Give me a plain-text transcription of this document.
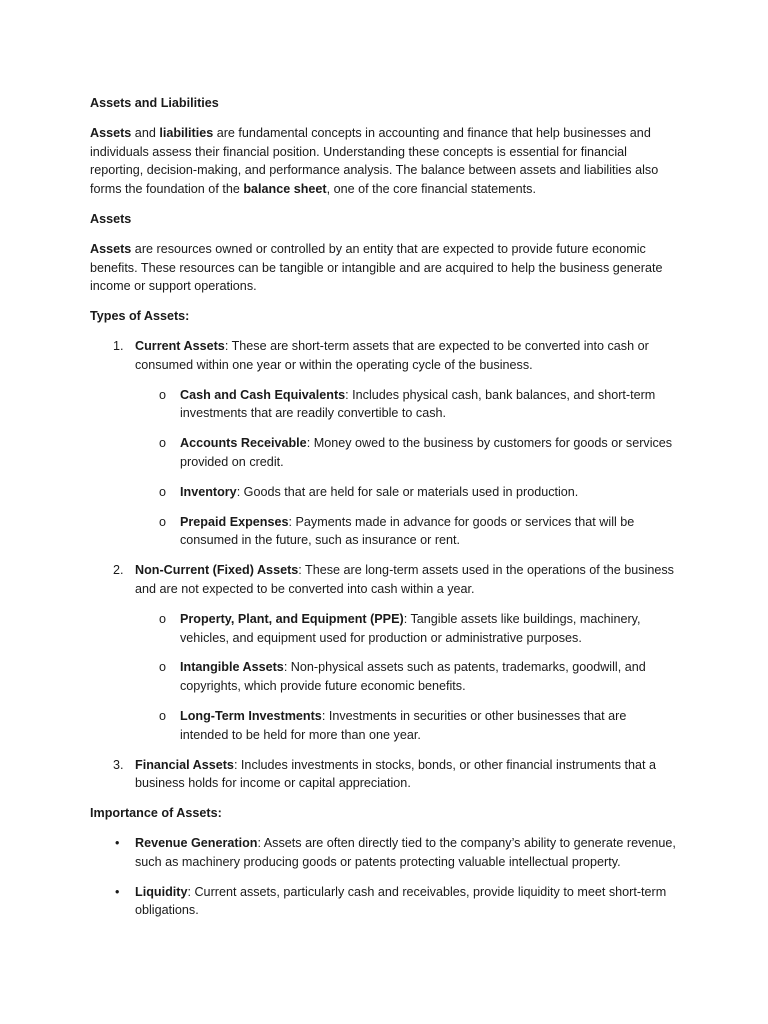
Assets and Liabilities

Assets and liabilities are fundamental concepts in accounting and finance that help businesses and individuals assess their financial position. Understanding these concepts is essential for financial reporting, decision-making, and performance analysis. The balance between assets and liabilities also forms the foundation of the balance sheet, one of the core financial statements.

Assets

Assets are resources owned or controlled by an entity that are expected to provide future economic benefits. These resources can be tangible or intangible and are acquired to help the business generate income or support operations.

Types of Assets:

1. Current Assets: These are short-term assets that are expected to be converted into cash or consumed within one year or within the operating cycle of the business.
o Cash and Cash Equivalents: Includes physical cash, bank balances, and short-term investments that are readily convertible to cash.
o Accounts Receivable: Money owed to the business by customers for goods or services provided on credit.
o Inventory: Goods that are held for sale or materials used in production.
o Prepaid Expenses: Payments made in advance for goods or services that will be consumed in the future, such as insurance or rent.
2. Non-Current (Fixed) Assets: These are long-term assets used in the operations of the business and are not expected to be converted into cash within a year.
o Property, Plant, and Equipment (PPE): Tangible assets like buildings, machinery, vehicles, and equipment used for production or administrative purposes.
o Intangible Assets: Non-physical assets such as patents, trademarks, goodwill, and copyrights, which provide future economic benefits.
o Long-Term Investments: Investments in securities or other businesses that are intended to be held for more than one year.
3. Financial Assets: Includes investments in stocks, bonds, or other financial instruments that a business holds for income or capital appreciation.

Importance of Assets:

• Revenue Generation: Assets are often directly tied to the company’s ability to generate revenue, such as machinery producing goods or patents protecting valuable intellectual property.
• Liquidity: Current assets, particularly cash and receivables, provide liquidity to meet short-term obligations.
